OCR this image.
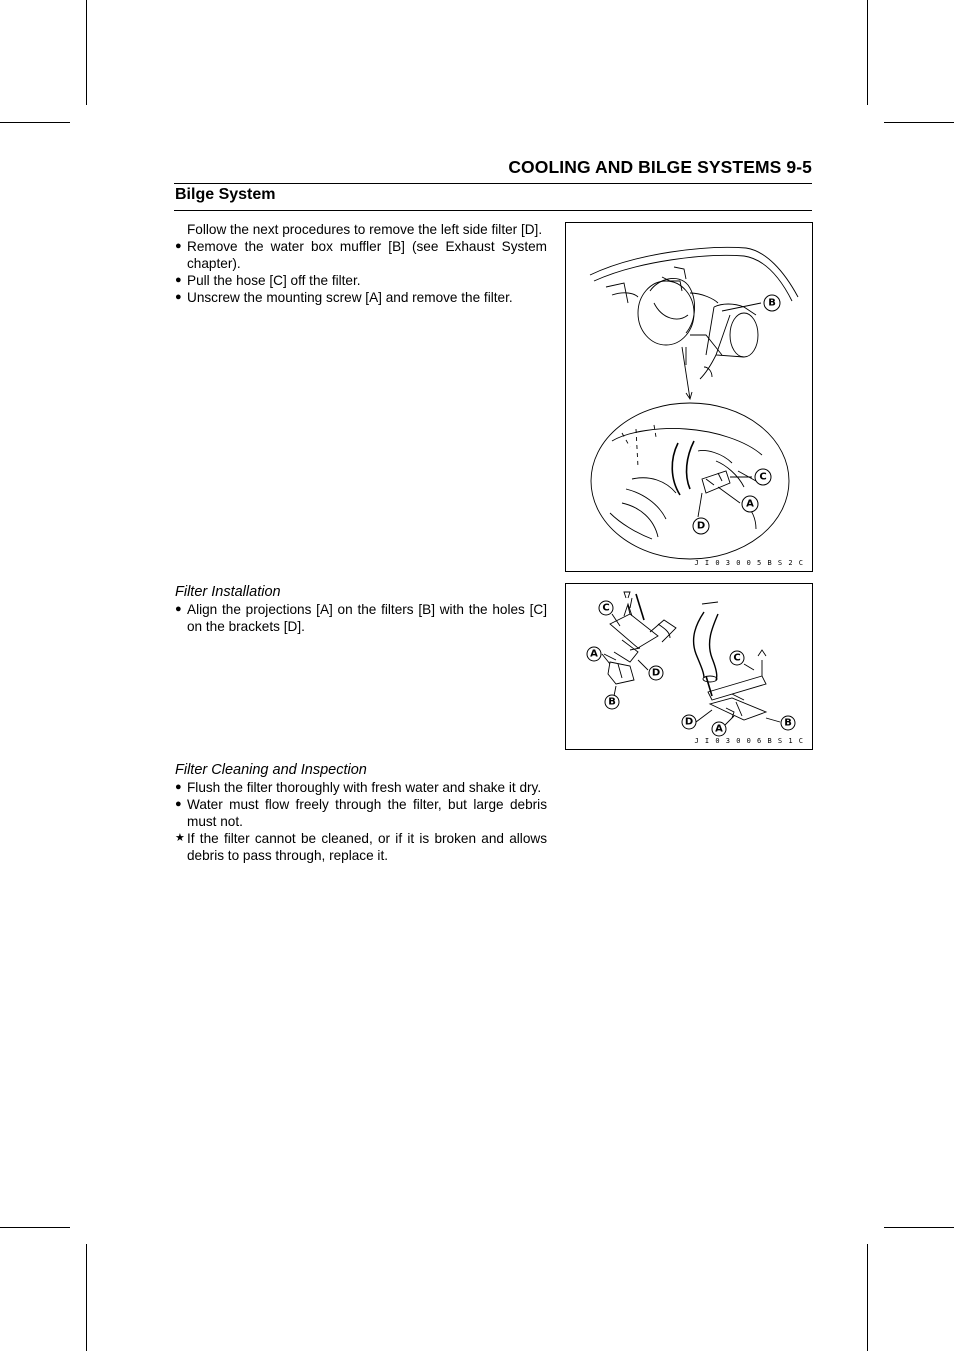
COOLING AND BILGE SYSTEMS 9-5
Bilge System

Follow the next procedures to remove the left side filter [D].

● Remove the water box muffler [B] (see Exhaust System chapter).
● Pull the hose [C] off the filter.
● Unscrew the mounting screw [A] and remove the filter.	B
C
A
D
J I 0 3 0 0 5 B S 2 C

Filter Installation

● Align the projections [A] on the filters [B] with the holes [C] on the brackets [D].
C
A
D
B
C
D
A
B
J I 0 3 0 0 6 B S 1 C

Filter Cleaning and Inspection

● Flush the filter thoroughly with fresh water and shake it dry.
● Water must flow freely through the filter, but large debris must not.
★ If the filter cannot be cleaned, or if it is broken and allows debris to pass through, replace it.
